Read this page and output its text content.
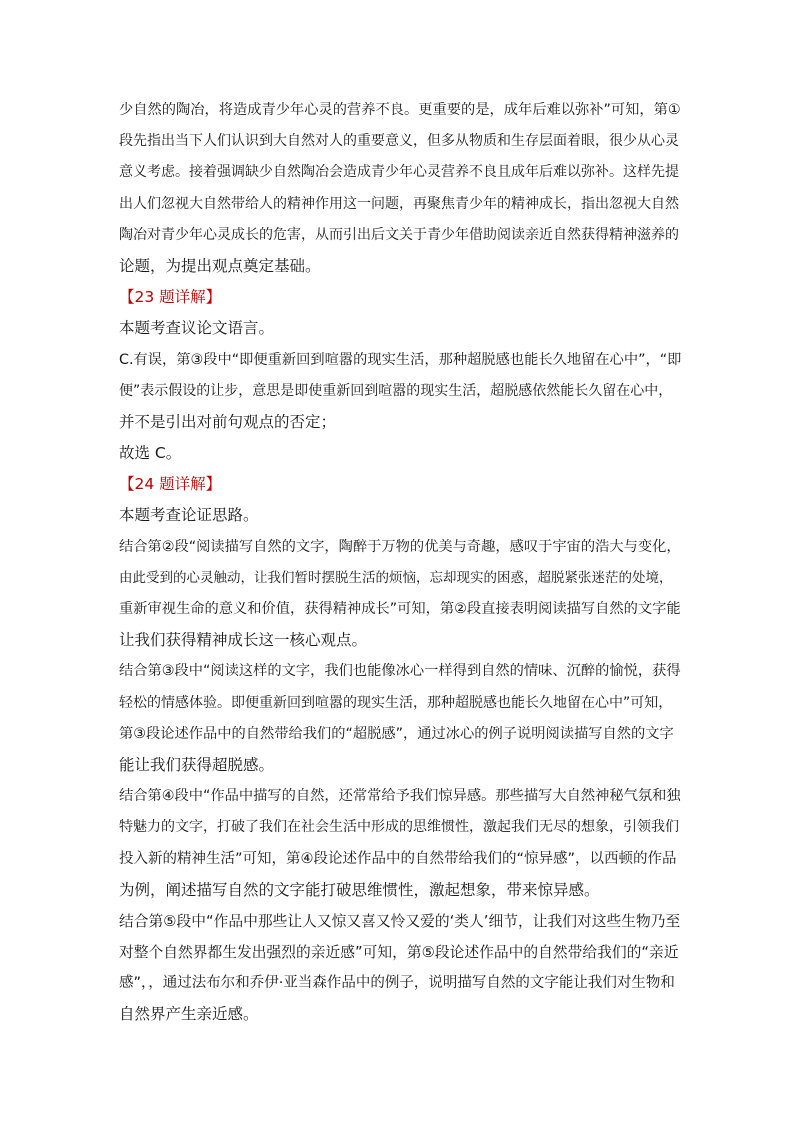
少自然的陶冶，将造成青少年心灵的营养不良。更重要的是，成年后难以弥补”可知，第①
段先指出当下人们认识到大自然对人的重要意义，但多从物质和生存层面着眼，很少从心灵
意义考虑。接着强调缺少自然陶冶会造成青少年心灵营养不良且成年后难以弥补。这样先提
出人们忽视大自然带给人的精神作用这一问题，再聚焦青少年的精神成长，指出忽视大自然
陶冶对青少年心灵成长的危害，从而引出后文关于青少年借助阅读亲近自然获得精神滋养的
论题，为提出观点奠定基础。
【23 题详解】
本题考查议论文语言。
C.有误，第③段中“即便重新回到喧嚣的现实生活，那种超脱感也能长久地留在心中”，“即
便”表示假设的让步，意思是即使重新回到喧嚣的现实生活，超脱感依然能长久留在心中，
并不是引出对前句观点的否定；
故选 C。
【24 题详解】
本题考查论证思路。
结合第②段“阅读描写自然的文字，陶醉于万物的优美与奇趣，感叹于宇宙的浩大与变化，
由此受到的心灵触动，让我们暂时摆脱生活的烦恼，忘却现实的困惑，超脱紧张迷茫的处境，
重新审视生命的意义和价值，获得精神成长”可知，第②段直接表明阅读描写自然的文字能
让我们获得精神成长这一核心观点。
结合第③段中“阅读这样的文字，我们也能像冰心一样得到自然的情味、沉醉的愉悦，获得
轻松的情感体验。即便重新回到喧嚣的现实生活，那种超脱感也能长久地留在心中”可知，
第③段论述作品中的自然带给我们的“超脱感”，通过冰心的例子说明阅读描写自然的文字
能让我们获得超脱感。
结合第④段中“作品中描写的自然，还常常给予我们惊异感。那些描写大自然神秘气氛和独
特魅力的文字，打破了我们在社会生活中形成的思维惯性，激起我们无尽的想象，引领我们
投入新的精神生活”可知，第④段论述作品中的自然带给我们的“惊异感”，以西顿的作品
为例，阐述描写自然的文字能打破思维惯性，激起想象，带来惊异感。
结合第⑤段中“作品中那些让人又惊又喜又怜又爱的‘类人’细节，让我们对这些生物乃至
对整个自然界都生发出强烈的亲近感”可知，第⑤段论述作品中的自然带给我们的“亲近
感”，，通过法布尔和乔伊·亚当森作品中的例子，说明描写自然的文字能让我们对生物和
自然界产生亲近感。
